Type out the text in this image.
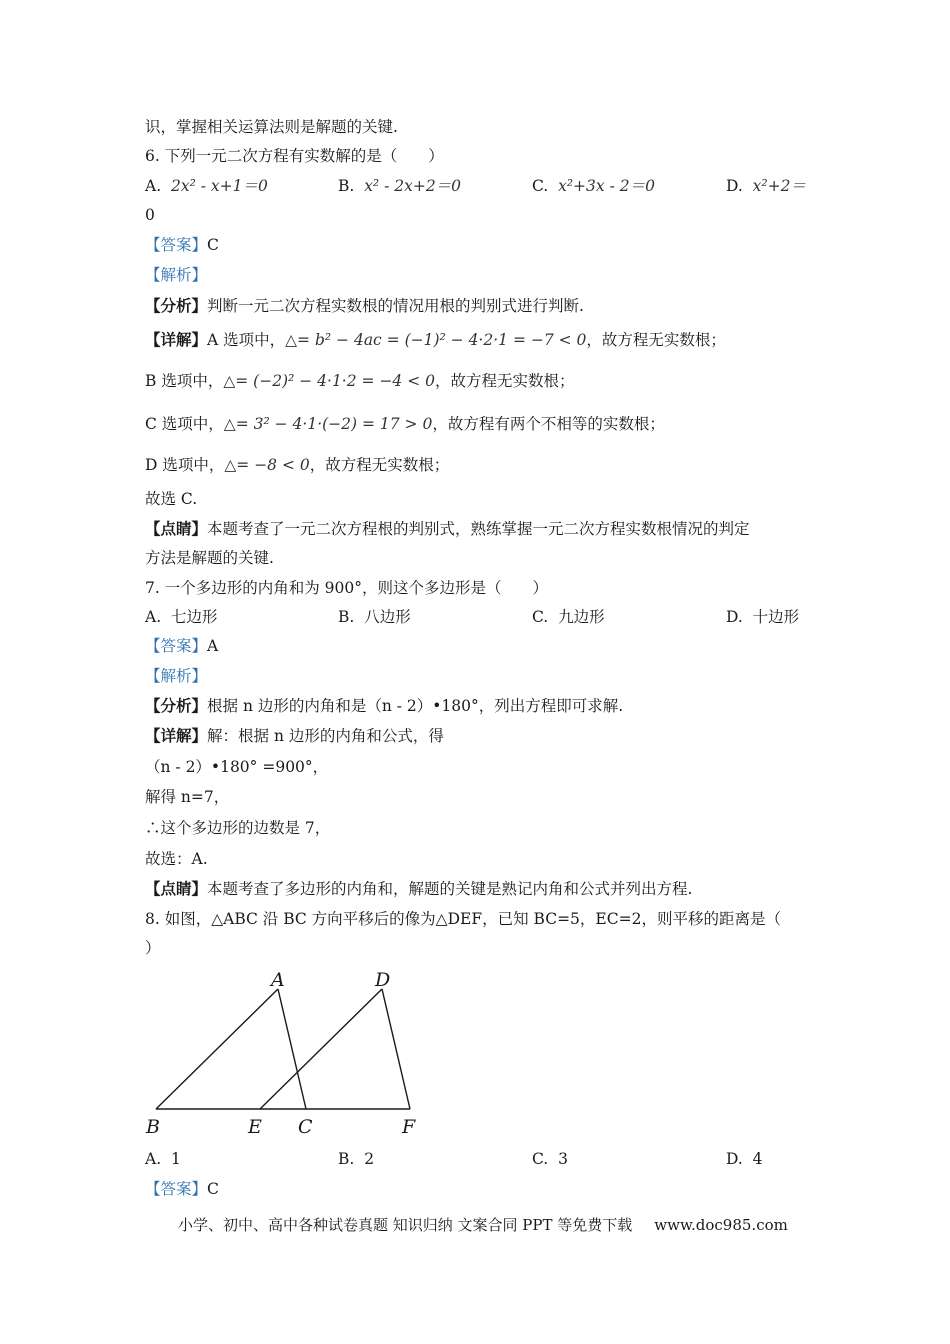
识，掌握相关运算法则是解题的关键.
6. 下列一元二次方程有实数解的是（　　）
A. 2x² - x+1＝0	B. x² - 2x+2＝0	C. x²+3x - 2＝0	D. x²+2＝
0
【答案】C
【解析】
【分析】判断一元二次方程实数根的情况用根的判别式进行判断.
【详解】A 选项中，△= b² − 4ac = (−1)² − 4·2·1 = −7 < 0，故方程无实数根；
B 选项中，△= (−2)² − 4·1·2 = −4 < 0，故方程无实数根；
C 选项中，△= 3² − 4·1·(−2) = 17 > 0，故方程有两个不相等的实数根；
D 选项中，△= −8 < 0，故方程无实数根；
故选 C.
【点睛】本题考查了一元二次方程根的判别式，熟练掌握一元二次方程实数根情况的判定
方法是解题的关键.
7. 一个多边形的内角和为 900°，则这个多边形是（　　）
A. 七边形	B. 八边形	C. 九边形	D. 十边形
【答案】A
【解析】
【分析】根据 n 边形的内角和是（n - 2）•180°，列出方程即可求解.
【详解】解：根据 n 边形的内角和公式，得
（n - 2）•180° =900°，
解得 n=7，
∴这个多边形的边数是 7，
故选：A.
【点睛】本题考查了多边形的内角和，解题的关键是熟记内角和公式并列出方程.
8. 如图，△ABC 沿 BC 方向平移后的像为△DEF，已知 BC=5，EC=2，则平移的距离是（
）
A	D
B	E C	F
A. 1	B. 2	C. 3	D. 4
【答案】C
小学、初中、高中各种试卷真题 知识归纳 文案合同 PPT 等免费下载 www.doc985.com
